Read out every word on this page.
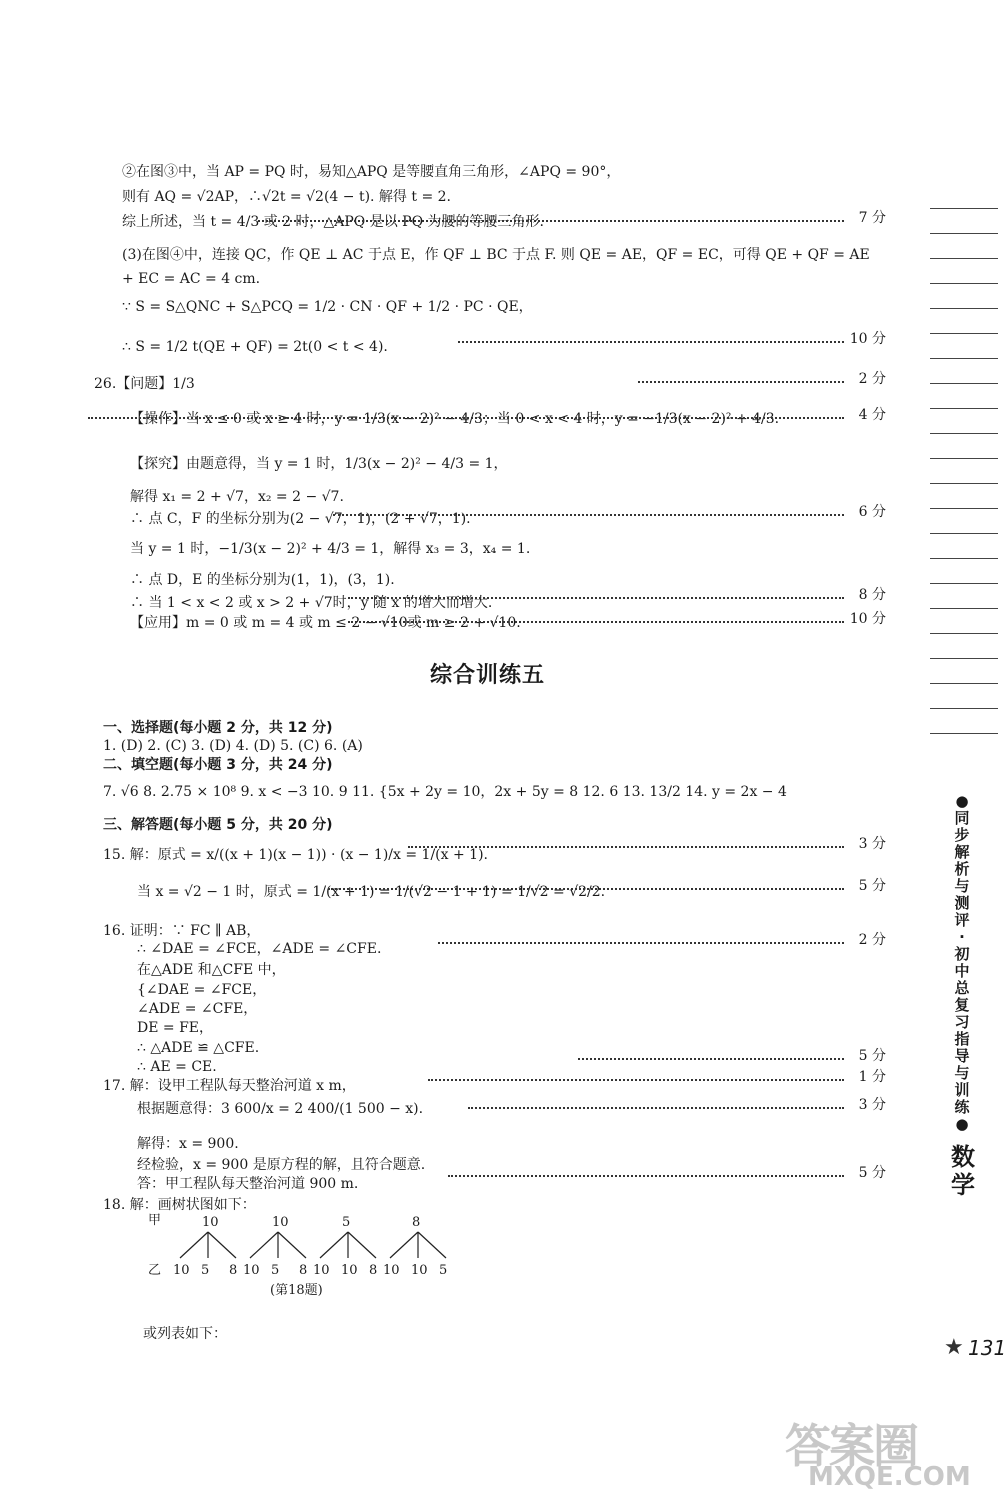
②在图③中，当 AP = PQ 时，易知△APQ 是等腰直角三角形，∠APQ = 90°，
则有 AQ = √2AP，∴√2t = √2(4 − t). 解得 t = 2.
综上所述，当 t = 4/3 或 2 时，△APQ 是以 PQ 为腰的等腰三角形.
(3)在图④中，连接 QC，作 QE ⊥ AC 于点 E，作 QF ⊥ BC 于点 F. 则 QE = AE，QF = EC，可得 QE + QF = AE
+ EC = AC = 4 cm.
∵ S = S△QNC + S△PCQ = 1/2 · CN · QF + 1/2 · PC · QE，
∴ S = 1/2 t(QE + QF) = 2t(0 < t < 4).
26.【问题】1/3
【操作】当 x ≤ 0 或 x ≥ 4 时，y = 1/3(x − 2)² − 4/3；当 0 < x < 4 时，y = −1/3(x − 2)² + 4/3.
【探究】由题意得，当 y = 1 时，1/3(x − 2)² − 4/3 = 1，
解得 x₁ = 2 + √7，x₂ = 2 − √7.
∴ 点 C，F 的坐标分别为(2 − √7，1)，(2 + √7，1).
当 y = 1 时，−1/3(x − 2)² + 4/3 = 1，解得 x₃ = 3，x₄ = 1.
∴ 点 D，E 的坐标分别为(1，1)，(3，1).
∴ 当 1 < x < 2 或 x > 2 + √7时，y 随 x 的增大而增大.
【应用】m = 0 或 m = 4 或 m ≤ 2 − √10或 m ≥ 2 + √10.
一、选择题(每小题 2 分，共 12 分)
1. (D) 2. (C) 3. (D) 4. (D) 5. (C) 6. (A)
二、填空题(每小题 3 分，共 24 分)
7. √6 8. 2.75 × 10⁸ 9. x < −3 10. 9 11. {5x + 2y = 10，2x + 5y = 8 12. 6 13. 13/2 14. y = 2x − 4
三、解答题(每小题 5 分，共 20 分)
15. 解：原式 = x/((x + 1)(x − 1)) · (x − 1)/x = 1/(x + 1).
当 x = √2 − 1 时，原式 = 1/(x + 1) = 1/(√2 − 1 + 1) = 1/√2 = √2/2.
16. 证明：∵ FC ∥ AB，
∴ ∠DAE = ∠FCE，∠ADE = ∠CFE.
在△ADE 和△CFE 中，
{∠DAE = ∠FCE，
∠ADE = ∠CFE，
DE = FE，
∴ △ADE ≌ △CFE.
∴ AE = CE.
17. 解：设甲工程队每天整治河道 x m，
根据题意得：3 600/x = 2 400/(1 500 − x).
解得：x = 900.
经检验，x = 900 是原方程的解，且符合题意.
答：甲工程队每天整治河道 900 m.
18. 解：画树状图如下：
或列表如下：
7 分
10 分
2 分
4 分
6 分
8 分
10 分
3 分
5 分
2 分
5 分
1 分
3 分
5 分
综合训练五
甲
乙
10
10 5 8
10
10 5 8
5
10 10 8
8
10 10 5
(第18题)
●
同
步
解
析
与
测
评
·
初
中
总
复
习
指
导
与
训
练
●
数
学
★ 131
答案圈
MXQE.COM
